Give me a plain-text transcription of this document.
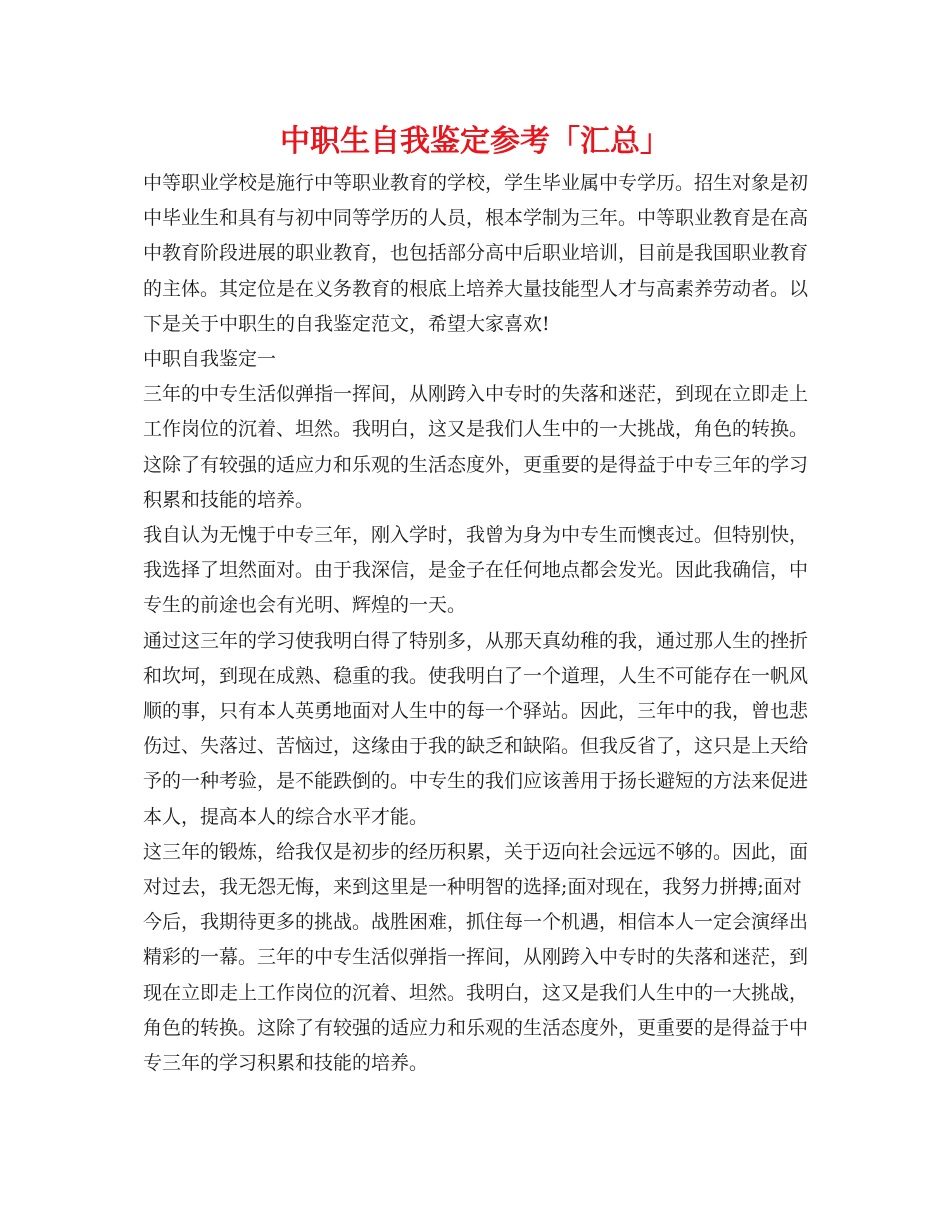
中职生自我鉴定参考「汇总」

中等职业学校是施行中等职业教育的学校，学生毕业属中专学历。招生对象是初中毕业生和具有与初中同等学历的人员，根本学制为三年。中等职业教育是在高中教育阶段进展的职业教育，也包括部分高中后职业培训，目前是我国职业教育的主体。其定位是在义务教育的根底上培养大量技能型人才与高素养劳动者。以下是关于中职生的自我鉴定范文，希望大家喜欢!

中职自我鉴定一

三年的中专生活似弹指一挥间，从刚跨入中专时的失落和迷茫，到现在立即走上工作岗位的沉着、坦然。我明白，这又是我们人生中的一大挑战，角色的转换。这除了有较强的适应力和乐观的生活态度外，更重要的是得益于中专三年的学习积累和技能的培养。

我自认为无愧于中专三年，刚入学时，我曾为身为中专生而懊丧过。但特别快，我选择了坦然面对。由于我深信，是金子在任何地点都会发光。因此我确信，中专生的前途也会有光明、辉煌的一天。

通过这三年的学习使我明白得了特别多，从那天真幼稚的我，通过那人生的挫折和坎坷，到现在成熟、稳重的我。使我明白了一个道理，人生不可能存在一帆风顺的事，只有本人英勇地面对人生中的每一个驿站。因此，三年中的我，曾也悲伤过、失落过、苦恼过，这缘由于我的缺乏和缺陷。但我反省了，这只是上天给予的一种考验，是不能跌倒的。中专生的我们应该善用于扬长避短的方法来促进本人，提高本人的综合水平才能。

这三年的锻炼，给我仅是初步的经历积累，关于迈向社会远远不够的。因此，面对过去，我无怨无悔，来到这里是一种明智的选择;面对现在，我努力拼搏;面对今后，我期待更多的挑战。战胜困难，抓住每一个机遇，相信本人一定会演绎出精彩的一幕。三年的中专生活似弹指一挥间，从刚跨入中专时的失落和迷茫，到现在立即走上工作岗位的沉着、坦然。我明白，这又是我们人生中的一大挑战，角色的转换。这除了有较强的适应力和乐观的生活态度外，更重要的是得益于中专三年的学习积累和技能的培养。
